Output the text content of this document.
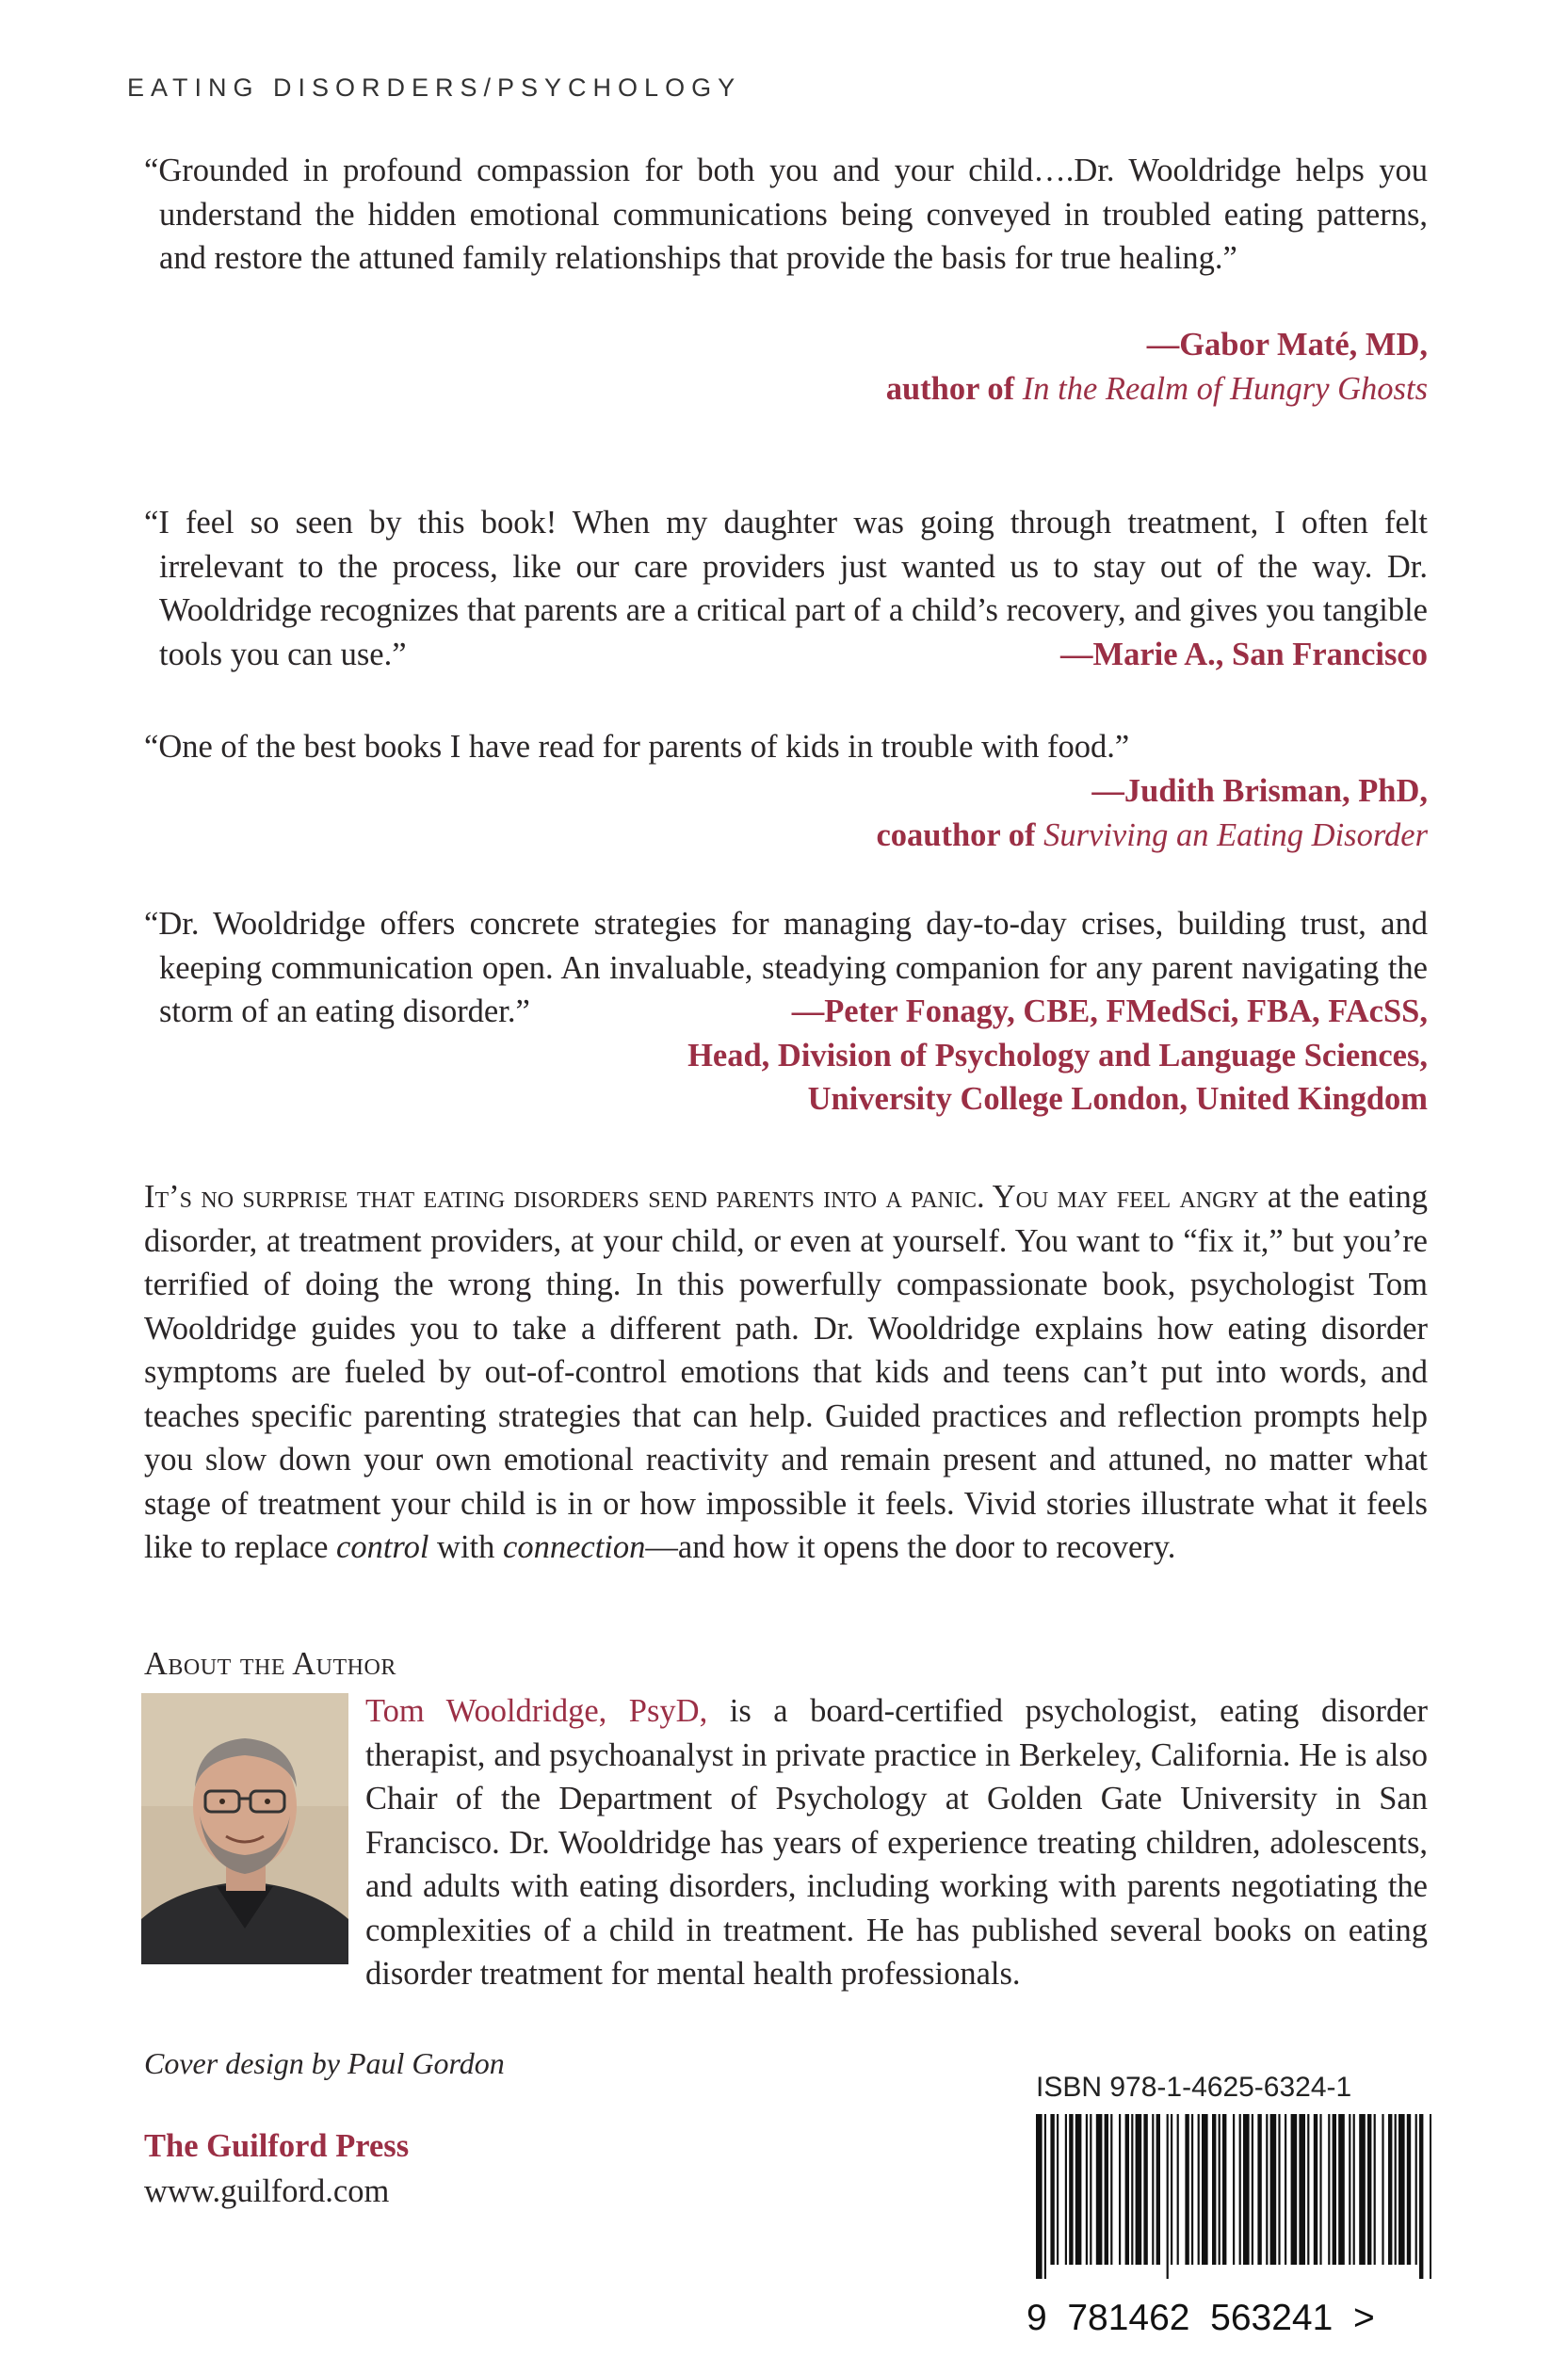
EATING DISORDERS/PSYCHOLOGY

“Grounded in profound compassion for both you and your child….Dr. Wooldridge helps you understand the hidden emotional communications being conveyed in troubled eating patterns, and restore the attuned family relationships that provide the basis for true healing.”

—Gabor Maté, MD,
author of In the Realm of Hungry Ghosts
“I feel so seen by this book! When my daughter was going through treatment, I often felt irrelevant to the process, like our care providers just wanted us to stay out of the way. Dr. Wooldridge recognizes that parents are a critical part of a child’s recovery, and gives you tangible tools you can use.”	—Marie A., San Francisco
“One of the best books I have read for parents of kids in trouble with food.”
—Judith Brisman, PhD,
coauthor of Surviving an Eating Disorder
“Dr. Wooldridge offers concrete strategies for managing day-to-day crises, building trust, and keeping communication open. An invaluable, steadying companion for any parent navigating the storm of an eating disorder.”	—Peter Fonagy, CBE, FMedSci, FBA, FAcSS,
Head, Division of Psychology and Language Sciences,
University College London, United Kingdom
It’s no surprise that eating disorders send parents into a panic. You may feel angry at the eating disorder, at treatment providers, at your child, or even at yourself. You want to “fix it,” but you’re terrified of doing the wrong thing. In this powerfully compassionate book, psychologist Tom Wooldridge guides you to take a different path. Dr. Wooldridge explains how eating disorder symptoms are fueled by out-of-control emotions that kids and teens can’t put into words, and teaches specific parenting strategies that can help. Guided practices and reflection prompts help you slow down your own emotional reactivity and remain present and attuned, no matter what stage of treatment your child is in or how impossible it feels. Vivid stories illustrate what it feels like to replace control with connection—and how it opens the door to recovery.
About the Author
Tom Wooldridge, PsyD, is a board-certified psychologist, eating disorder therapist, and psychoanalyst in private practice in Berkeley, California. He is also Chair of the Department of Psychology at Golden Gate University in San Francisco. Dr. Wooldridge has years of experience treating children, adolescents, and adults with eating disorders, including working with parents negotiating the complexities of a child in treatment. He has published several books on eating disorder treatment for mental health professionals.
Cover design by Paul Gordon
The Guilford Press
www.guilford.com
ISBN 978-1-4625-6324-1
9  781462  563241  >
